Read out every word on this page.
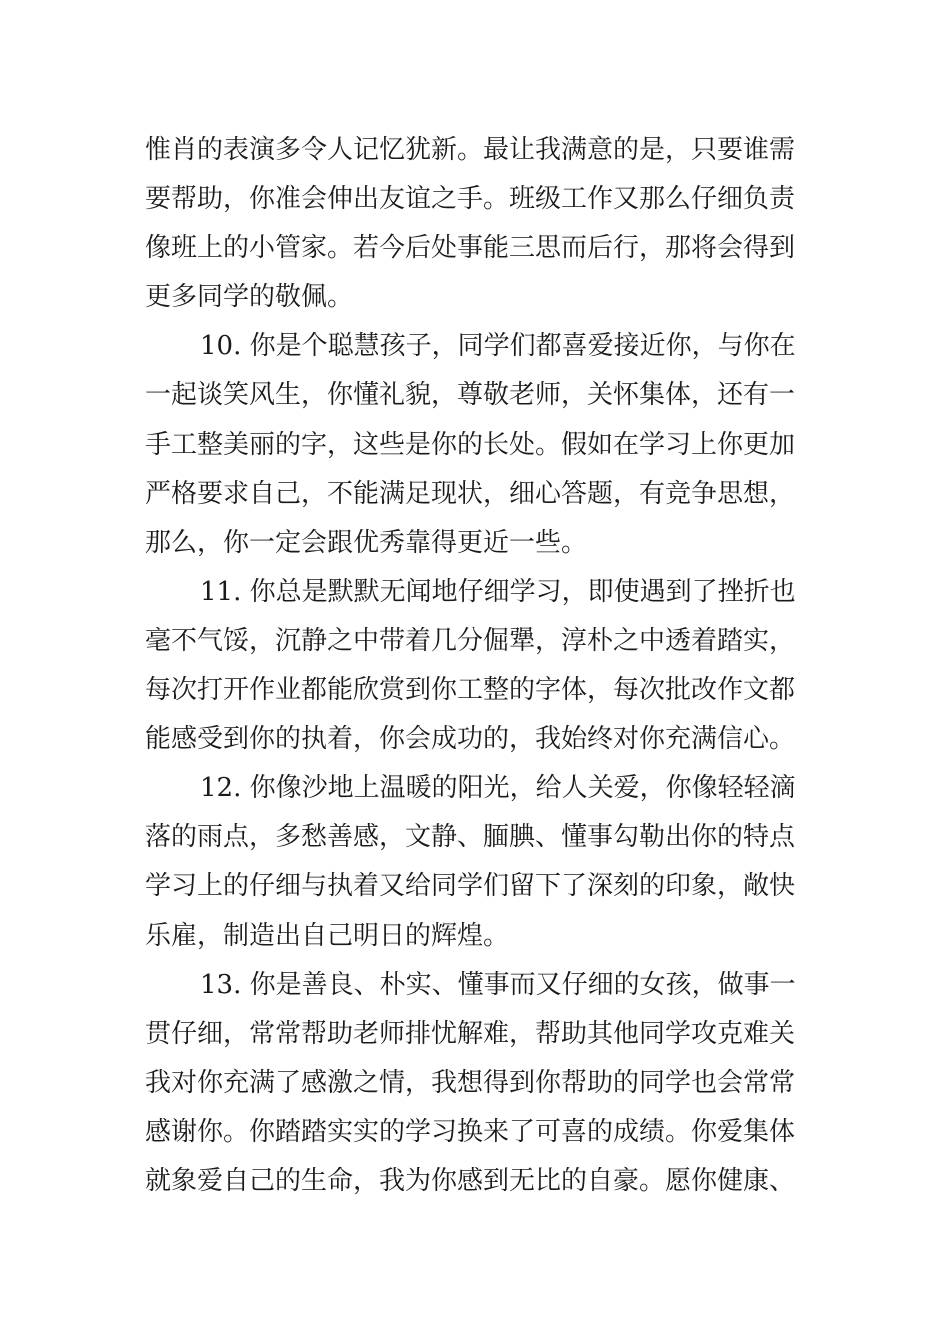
惟肖的表演多令人记忆犹新。最让我满意的是，只要谁需
要帮助，你准会伸出友谊之手。班级工作又那么仔细负责
像班上的小管家。若今后处事能三思而后行，那将会得到
更多同学的敬佩。
10. 你是个聪慧孩子，同学们都喜爱接近你，与你在
一起谈笑风生，你懂礼貌，尊敬老师，关怀集体，还有一
手工整美丽的字，这些是你的长处。假如在学习上你更加
严格要求自己，不能满足现状，细心答题，有竞争思想，
那么，你一定会跟优秀靠得更近一些。
11. 你总是默默无闻地仔细学习，即使遇到了挫折也
毫不气馁，沉静之中带着几分倔犟，淳朴之中透着踏实，
每次打开作业都能欣赏到你工整的字体，每次批改作文都
能感受到你的执着，你会成功的，我始终对你充满信心。
12. 你像沙地上温暖的阳光，给人关爱，你像轻轻滴
落的雨点，多愁善感，文静、腼腆、懂事勾勒出你的特点
学习上的仔细与执着又给同学们留下了深刻的印象，敞快
乐雇，制造出自己明日的辉煌。
13. 你是善良、朴实、懂事而又仔细的女孩，做事一
贯仔细，常常帮助老师排忧解难，帮助其他同学攻克难关
我对你充满了感激之情，我想得到你帮助的同学也会常常
感谢你。你踏踏实实的学习换来了可喜的成绩。你爱集体
就象爱自己的生命，我为你感到无比的自豪。愿你健康、
